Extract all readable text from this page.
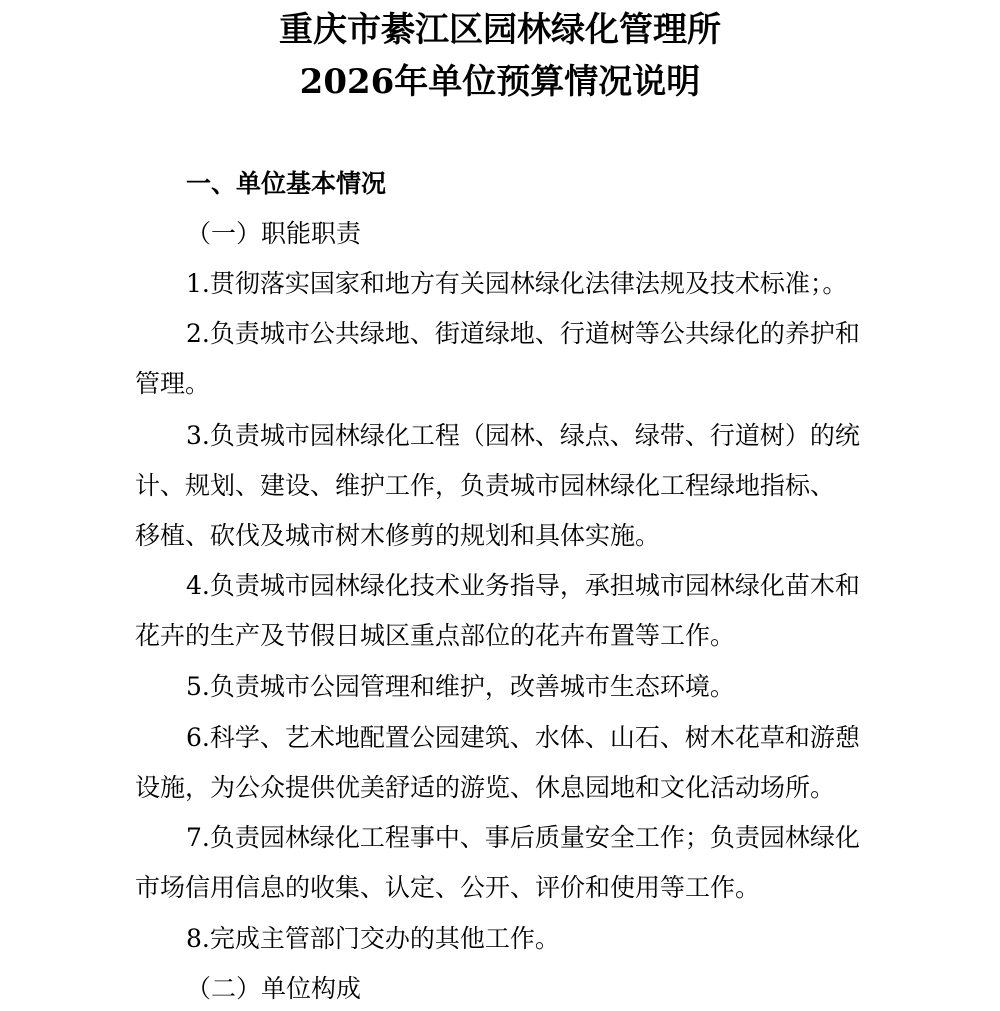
重庆市綦江区园林绿化管理所
2026年单位预算情况说明
一、单位基本情况
（一）职能职责
1.贯彻落实国家和地方有关园林绿化法律法规及技术标准；。
2.负责城市公共绿地、街道绿地、行道树等公共绿化的养护和
管理。
3.负责城市园林绿化工程（园林、绿点、绿带、行道树）的统
计、规划、建设、维护工作，负责城市园林绿化工程绿地指标、
移植、砍伐及城市树木修剪的规划和具体实施。
4.负责城市园林绿化技术业务指导，承担城市园林绿化苗木和
花卉的生产及节假日城区重点部位的花卉布置等工作。
5.负责城市公园管理和维护，改善城市生态环境。
6.科学、艺术地配置公园建筑、水体、山石、树木花草和游憩
设施，为公众提供优美舒适的游览、休息园地和文化活动场所。
7.负责园林绿化工程事中、事后质量安全工作；负责园林绿化
市场信用信息的收集、认定、公开、评价和使用等工作。
8.完成主管部门交办的其他工作。
（二）单位构成
